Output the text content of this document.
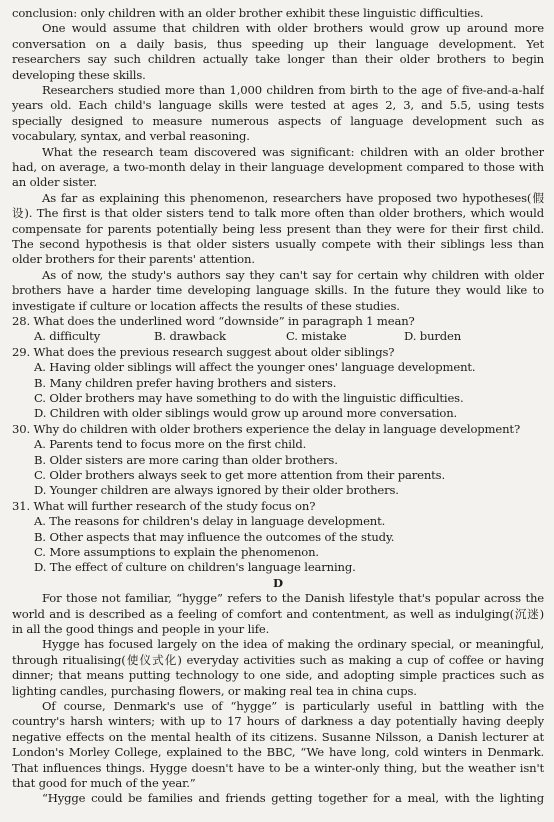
conclusion: only children with an older brother exhibit these linguistic difficulties.
One would assume that children with older brothers would grow up around more
conversation on a daily basis, thus speeding up their language development. Yet
researchers say such children actually take longer than their older brothers to begin
developing these skills.
Researchers studied more than 1,000 children from birth to the age of five-and-a-half
years old. Each child's language skills were tested at ages 2, 3, and 5.5, using tests
specially designed to measure numerous aspects of language development such as
vocabulary, syntax, and verbal reasoning.
What the research team discovered was significant: children with an older brother
had, on average, a two-month delay in their language development compared to those with
an older sister.
As far as explaining this phenomenon, researchers have proposed two hypotheses(假
设). The first is that older sisters tend to talk more often than older brothers, which would
compensate for parents potentially being less present than they were for their first child.
The second hypothesis is that older sisters usually compete with their siblings less than
older brothers for their parents' attention.
As of now, the study's authors say they can't say for certain why children with older
brothers have a harder time developing language skills. In the future they would like to
investigate if culture or location affects the results of these studies.
28. What does the underlined word “downside” in paragraph 1 mean?
A. difficulty	B. drawback	C. mistake	D. burden
29. What does the previous research suggest about older siblings?
A. Having older siblings will affect the younger ones' language development.
B. Many children prefer having brothers and sisters.
C. Older brothers may have something to do with the linguistic difficulties.
D. Children with older siblings would grow up around more conversation.
30. Why do children with older brothers experience the delay in language development?
A. Parents tend to focus more on the first child.
B. Older sisters are more caring than older brothers.
C. Older brothers always seek to get more attention from their parents.
D. Younger children are always ignored by their older brothers.
31. What will further research of the study focus on?
A. The reasons for children's delay in language development.
B. Other aspects that may influence the outcomes of the study.
C. More assumptions to explain the phenomenon.
D. The effect of culture on children's language learning.
D
For those not familiar, “hygge” refers to the Danish lifestyle that's popular across the
world and is described as a feeling of comfort and contentment, as well as indulging(沉迷)
in all the good things and people in your life.
Hygge has focused largely on the idea of making the ordinary special, or meaningful,
through ritualising(使仪式化) everyday activities such as making a cup of coffee or having
dinner; that means putting technology to one side, and adopting simple practices such as
lighting candles, purchasing flowers, or making real tea in china cups.
Of course, Denmark's use of “hygge” is particularly useful in battling with the
country's harsh winters; with up to 17 hours of darkness a day potentially having deeply
negative effects on the mental health of its citizens. Susanne Nilsson, a Danish lecturer at
London's Morley College, explained to the BBC, “We have long, cold winters in Denmark.
That influences things. Hygge doesn't have to be a winter-only thing, but the weather isn't
that good for much of the year.”
“Hygge could be families and friends getting together for a meal, with the lighting
